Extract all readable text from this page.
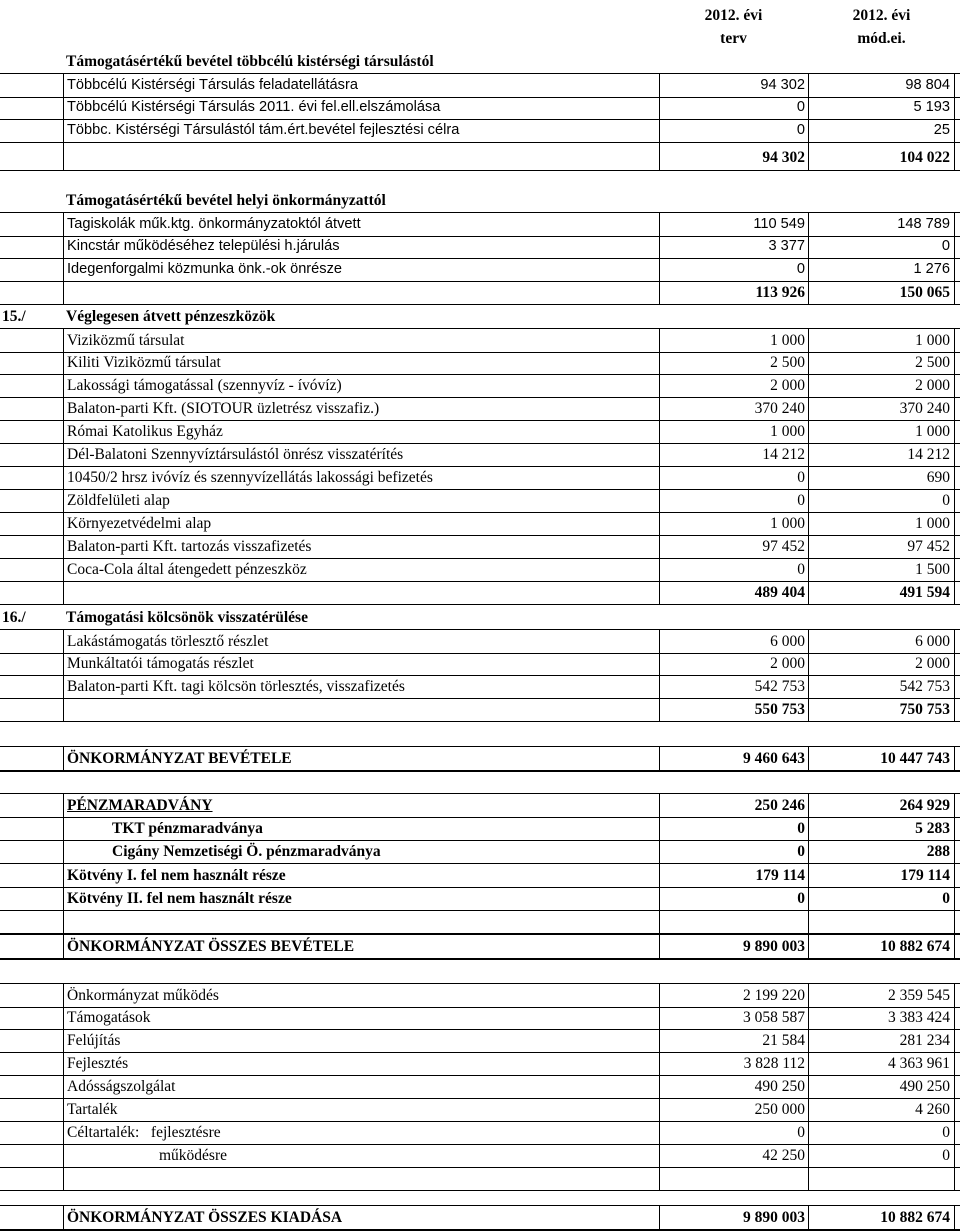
2012. évi	2012. évi
terv	mód.ei.
Támogatásértékű bevétel többcélú kistérségi társulástól
Többcélú Kistérségi Társulás feladatellátásra	94 302	98 804
Többcélú Kistérségi Társulás 2011. évi fel.ell.elszámolása	0	5 193
Többc. Kistérségi Társulástól tám.ért.bevétel fejlesztési célra	0	25
94 302	104 022
Támogatásértékű bevétel helyi önkormányzattól
Tagiskolák műk.ktg. önkormányzatoktól átvett	110 549	148 789
Kincstár működéséhez települési h.járulás	3 377	0
Idegenforgalmi közmunka önk.-ok önrésze	0	1 276
113 926	150 065
15./	Véglegesen átvett pénzeszközök
Viziközmű társulat	1 000	1 000
Kiliti Viziközmű társulat	2 500	2 500
Lakossági támogatással (szennyvíz - ívóvíz)	2 000	2 000
Balaton-parti Kft. (SIOTOUR üzletrész visszafiz.)	370 240	370 240
Római Katolikus Egyház	1 000	1 000
Dél-Balatoni Szennyvíztársulástól önrész visszatérítés	14 212	14 212
10450/2 hrsz ivóvíz és szennyvízellátás lakossági befizetés	0	690
Zöldfelületi alap	0	0
Környezetvédelmi alap	1 000	1 000
Balaton-parti Kft. tartozás visszafizetés	97 452	97 452
Coca-Cola által átengedett pénzeszköz	0	1 500
489 404	491 594
16./	Támogatási kölcsönök visszatérülése
Lakástámogatás törlesztő részlet	6 000	6 000
Munkáltatói támogatás részlet	2 000	2 000
Balaton-parti Kft. tagi kölcsön törlesztés, visszafizetés	542 753	542 753
550 753	750 753
ÖNKORMÁNYZAT BEVÉTELE	9 460 643	10 447 743
PÉNZMARADVÁNY	250 246	264 929
TKT pénzmaradványa	0	5 283
Cigány Nemzetiségi Ö. pénzmaradványa	0	288
Kötvény I. fel nem használt része	179 114	179 114
Kötvény II. fel nem használt része	0	0
ÖNKORMÁNYZAT ÖSSZES BEVÉTELE	9 890 003	10 882 674
Önkormányzat működés	2 199 220	2 359 545
Támogatások	3 058 587	3 383 424
Felújítás	21 584	281 234
Fejlesztés	3 828 112	4 363 961
Adósságszolgálat	490 250	490 250
Tartalék	250 000	4 260
Céltartalék:   fejlesztésre	0	0
működésre	42 250	0
ÖNKORMÁNYZAT ÖSSZES KIADÁSA	9 890 003	10 882 674
